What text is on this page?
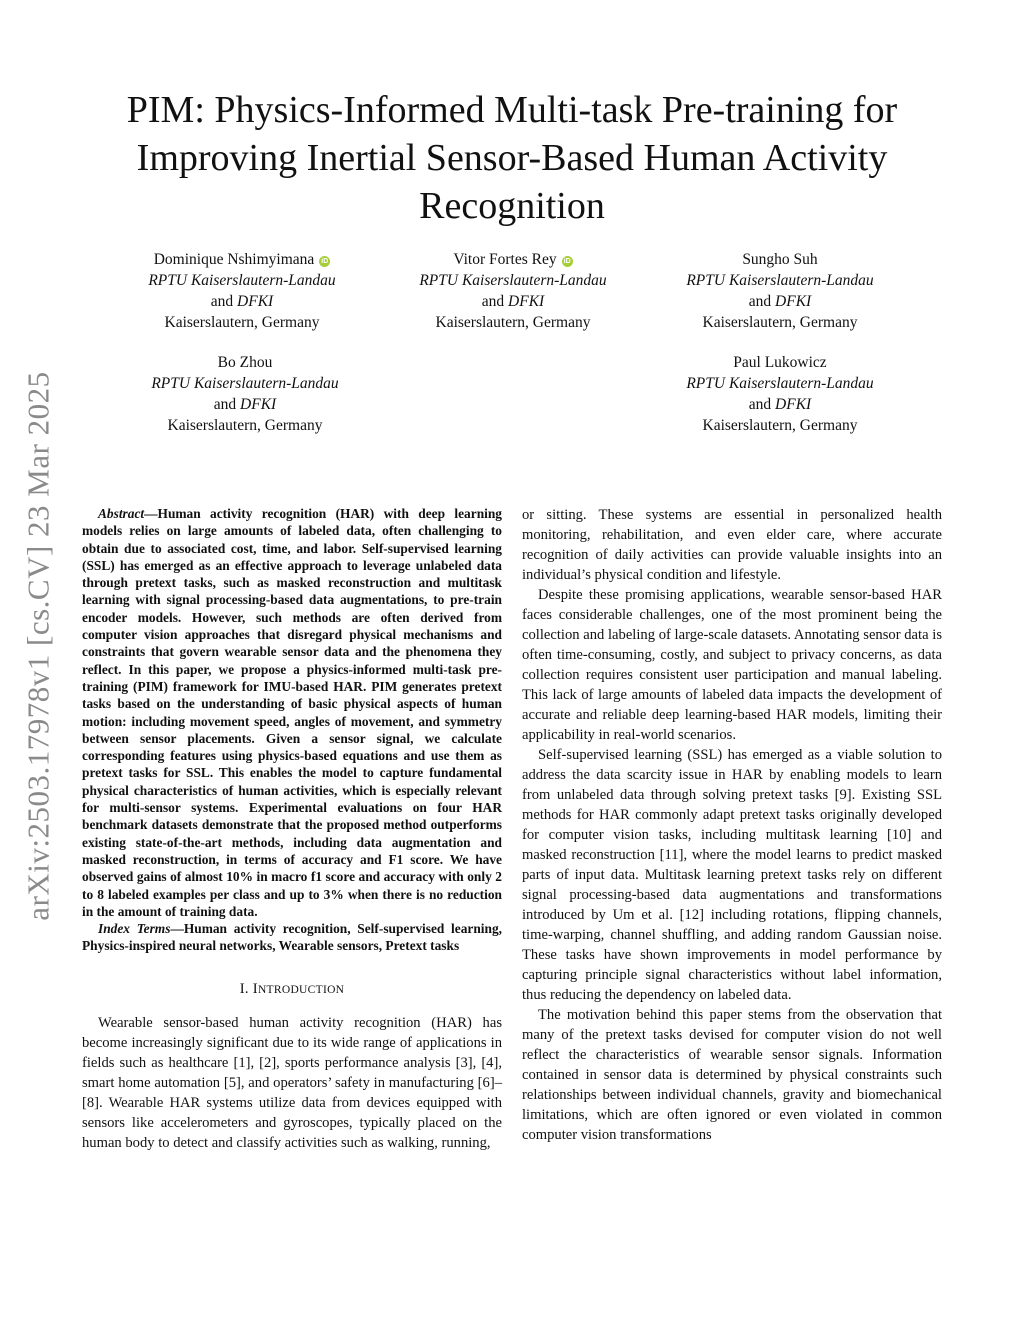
arXiv:2503.17978v1 [cs.CV] 23 Mar 2025
PIM: Physics-Informed Multi-task Pre-training for Improving Inertial Sensor-Based Human Activity Recognition
Dominique Nshimyimana iD
RPTU Kaiserslautern-Landau
and DFKI
Kaiserslautern, Germany
Vitor Fortes Rey iD
RPTU Kaiserslautern-Landau
and DFKI
Kaiserslautern, Germany
Sungho Suh
RPTU Kaiserslautern-Landau
and DFKI
Kaiserslautern, Germany
Bo Zhou
RPTU Kaiserslautern-Landau
and DFKI
Kaiserslautern, Germany
Paul Lukowicz
RPTU Kaiserslautern-Landau
and DFKI
Kaiserslautern, Germany

Abstract—Human activity recognition (HAR) with deep learning models relies on large amounts of labeled data, often challenging to obtain due to associated cost, time, and labor. Self-supervised learning (SSL) has emerged as an effective approach to leverage unlabeled data through pretext tasks, such as masked reconstruction and multitask learning with signal processing-based data augmentations, to pre-train encoder models. However, such methods are often derived from computer vision approaches that disregard physical mechanisms and constraints that govern wearable sensor data and the phenomena they reflect. In this paper, we propose a physics-informed multi-task pre-training (PIM) framework for IMU-based HAR. PIM generates pretext tasks based on the understanding of basic physical aspects of human motion: including movement speed, angles of movement, and symmetry between sensor placements. Given a sensor signal, we calculate corresponding features using physics-based equations and use them as pretext tasks for SSL. This enables the model to capture fundamental physical characteristics of human activities, which is especially relevant for multi-sensor systems. Experimental evaluations on four HAR benchmark datasets demonstrate that the proposed method outperforms existing state-of-the-art methods, including data augmentation and masked reconstruction, in terms of accuracy and F1 score. We have observed gains of almost 10% in macro f1 score and accuracy with only 2 to 8 labeled examples per class and up to 3% when there is no reduction in the amount of training data.

Index Terms—Human activity recognition, Self-supervised learning, Physics-inspired neural networks, Wearable sensors, Pretext tasks

I. INTRODUCTION

Wearable sensor-based human activity recognition (HAR) has become increasingly significant due to its wide range of applications in fields such as healthcare [1], [2], sports performance analysis [3], [4], smart home automation [5], and operators’ safety in manufacturing [6]–[8]. Wearable HAR systems utilize data from devices equipped with sensors like accelerometers and gyroscopes, typically placed on the human body to detect and classify activities such as walking, running,

or sitting. These systems are essential in personalized health monitoring, rehabilitation, and even elder care, where accurate recognition of daily activities can provide valuable insights into an individual’s physical condition and lifestyle.

Despite these promising applications, wearable sensor-based HAR faces considerable challenges, one of the most prominent being the collection and labeling of large-scale datasets. Annotating sensor data is often time-consuming, costly, and subject to privacy concerns, as data collection requires consistent user participation and manual labeling. This lack of large amounts of labeled data impacts the development of accurate and reliable deep learning-based HAR models, limiting their applicability in real-world scenarios.

Self-supervised learning (SSL) has emerged as a viable solution to address the data scarcity issue in HAR by enabling models to learn from unlabeled data through solving pretext tasks [9]. Existing SSL methods for HAR commonly adapt pretext tasks originally developed for computer vision tasks, including multitask learning [10] and masked reconstruction [11], where the model learns to predict masked parts of input data. Multitask learning pretext tasks rely on different signal processing-based data augmentations and transformations introduced by Um et al. [12] including rotations, flipping channels, time-warping, channel shuffling, and adding random Gaussian noise. These tasks have shown improvements in model performance by capturing principle signal characteristics without label information, thus reducing the dependency on labeled data.

The motivation behind this paper stems from the observation that many of the pretext tasks devised for computer vision do not well reflect the characteristics of wearable sensor signals. Information contained in sensor data is determined by physical constraints such relationships between individual channels, gravity and biomechanical limitations, which are often ignored or even violated in common computer vision transformations
